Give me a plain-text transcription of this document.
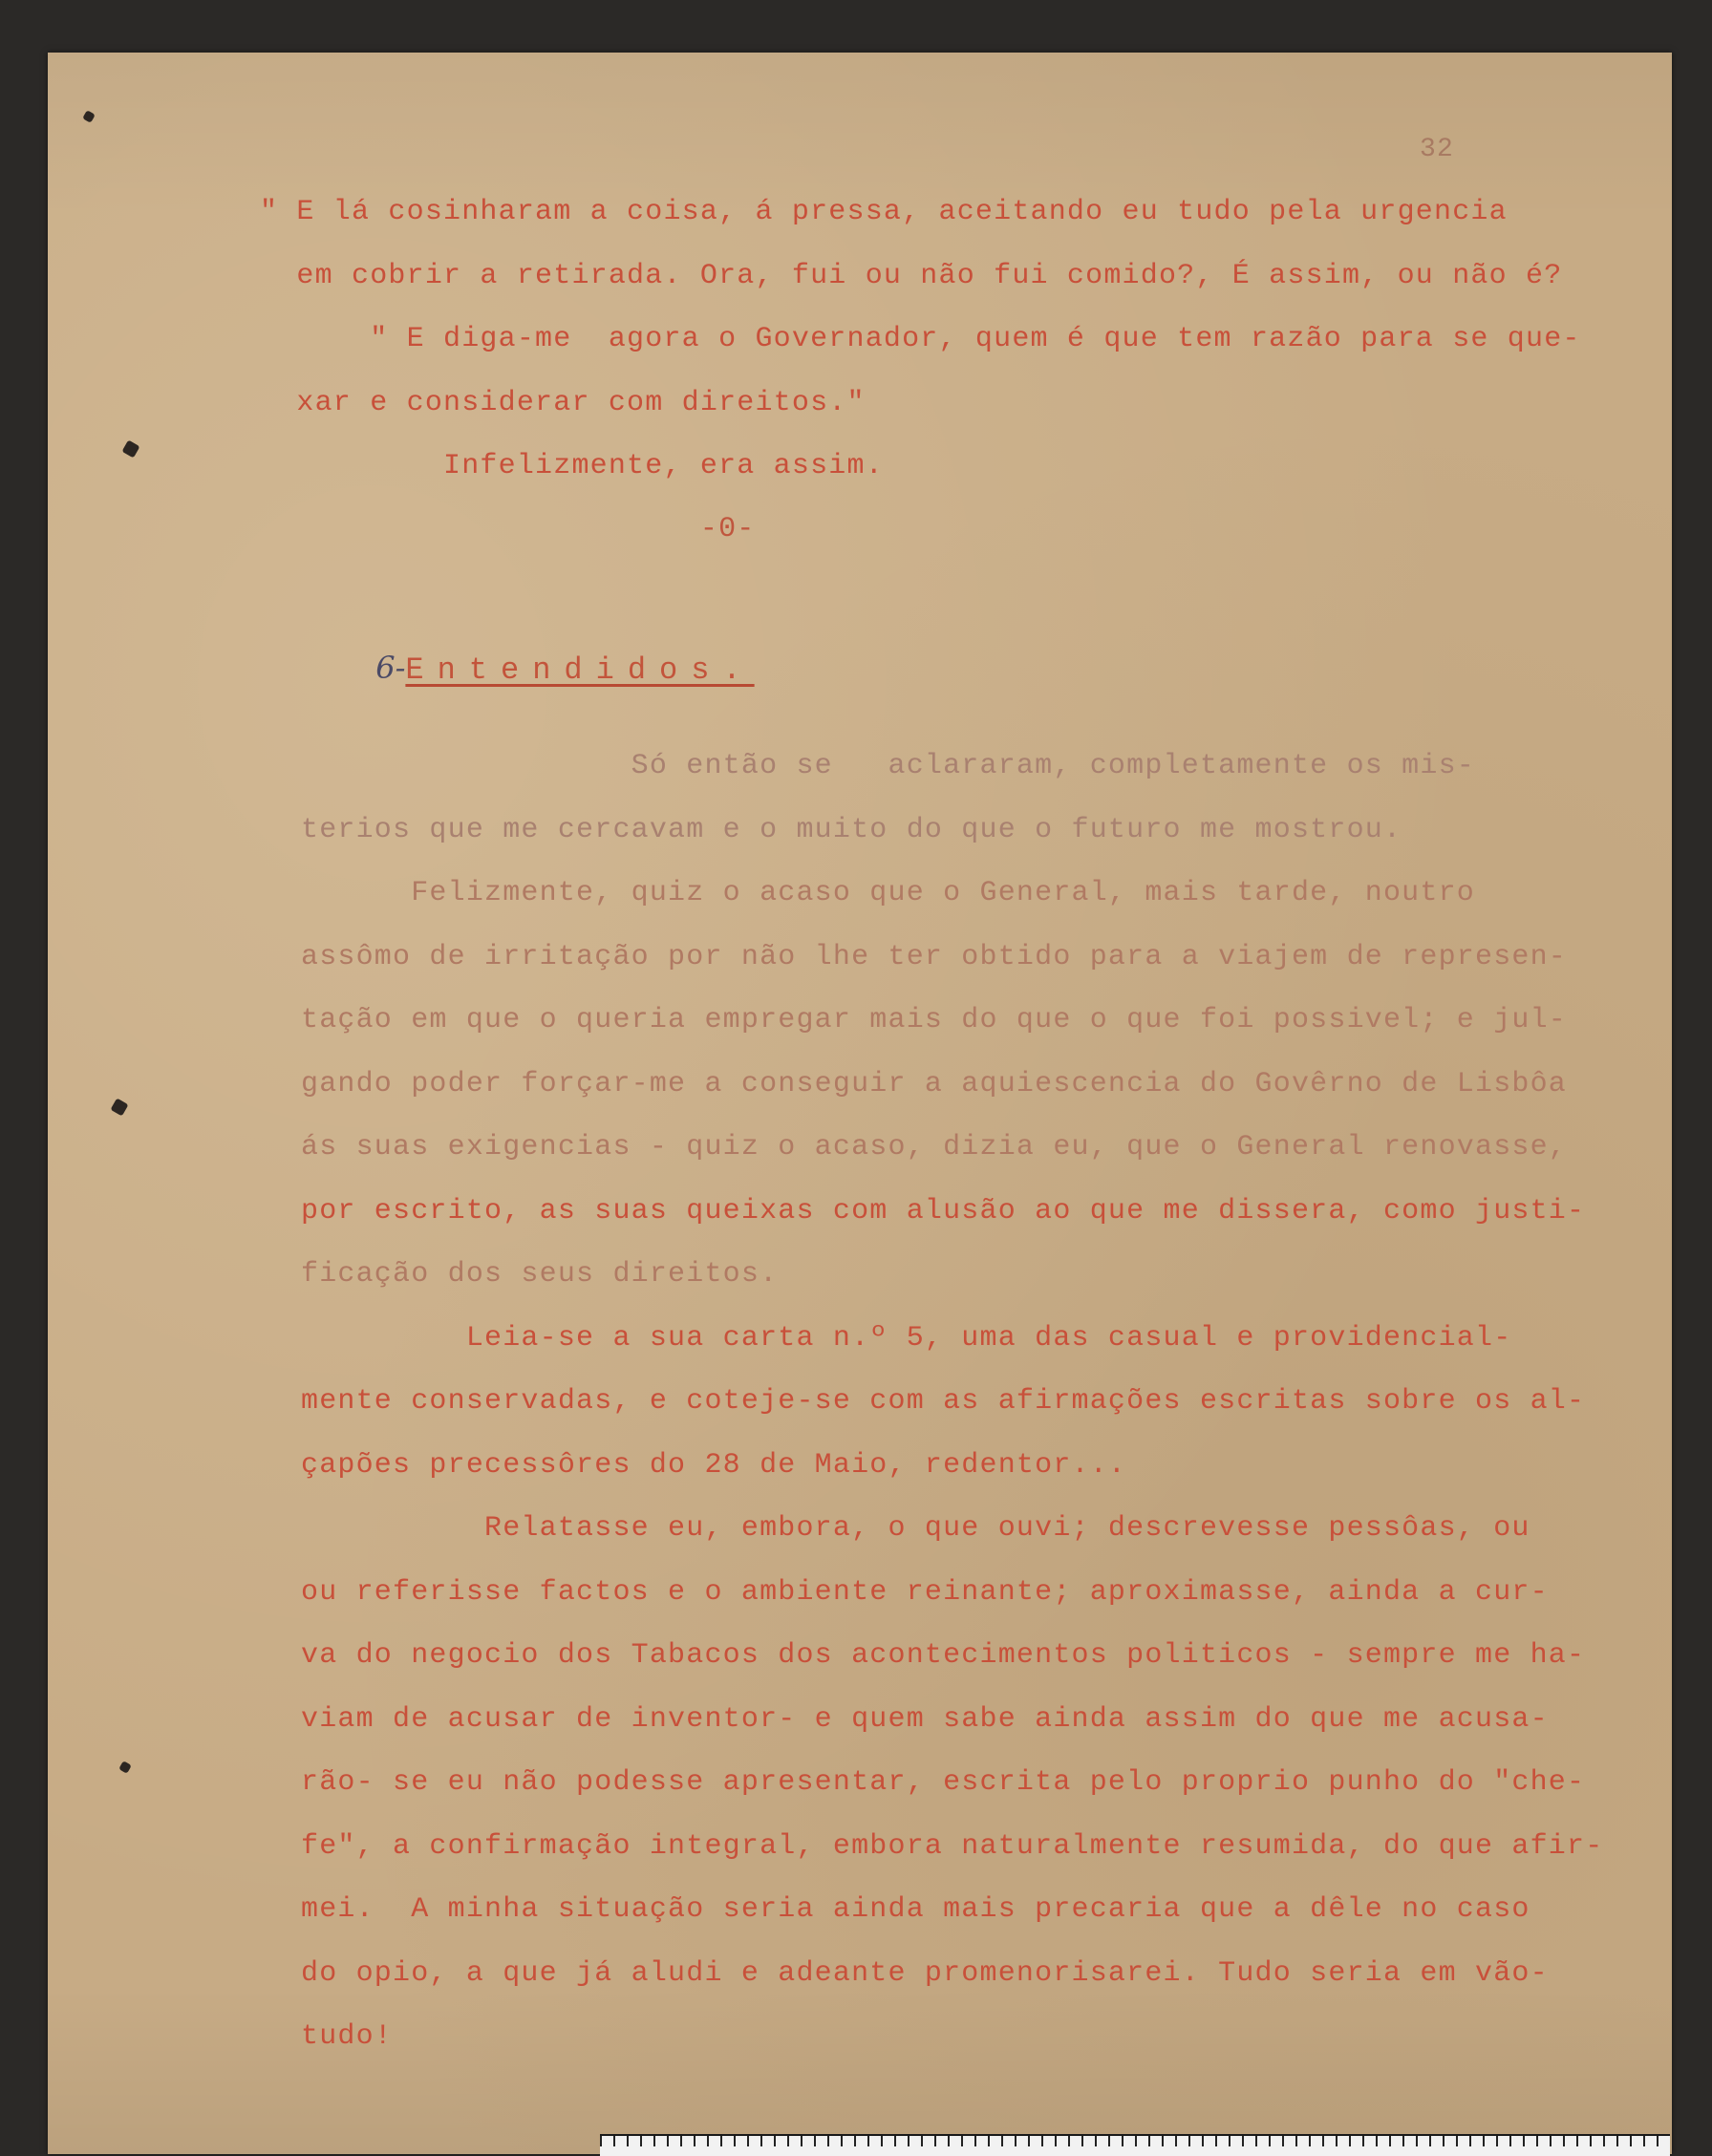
32
" E lá cosinharam a coisa, á pressa, aceitando eu tudo pela urgencia
em cobrir a retirada. Ora, fui ou não fui comido?, É assim, ou não é?
" E diga-me  agora o Governador, quem é que tem razão para se que-
xar e considerar com direitos."
Infelizmente, era assim.
-0-

6-Entendidos.

Só então se   aclararam, completamente os mis-
terios que me cercavam e o muito do que o futuro me mostrou.
Felizmente, quiz o acaso que o General, mais tarde, noutro
assômo de irritação por não lhe ter obtido para a viajem de represen-
tação em que o queria empregar mais do que o que foi possivel; e jul-
gando poder forçar-me a conseguir a aquiescencia do Govêrno de Lisbôa
ás suas exigencias - quiz o acaso, dizia eu, que o General renovasse,
por escrito, as suas queixas com alusão ao que me dissera, como justi-
ficação dos seus direitos.
Leia-se a sua carta n.º 5, uma das casual e providencial-
mente conservadas, e coteje-se com as afirmações escritas sobre os al-
çapões precessôres do 28 de Maio, redentor...
Relatasse eu, embora, o que ouvi; descrevesse pessôas, ou
ou referisse factos e o ambiente reinante; aproximasse, ainda a cur-
va do negocio dos Tabacos dos acontecimentos politicos - sempre me ha-
viam de acusar de inventor- e quem sabe ainda assim do que me acusa-
rão- se eu não podesse apresentar, escrita pelo proprio punho do "che-
fe", a confirmação integral, embora naturalmente resumida, do que afir-
mei.  A minha situação seria ainda mais precaria que a dêle no caso
do opio, a que já aludi e adeante promenorisarei. Tudo seria em vão-
tudo!
